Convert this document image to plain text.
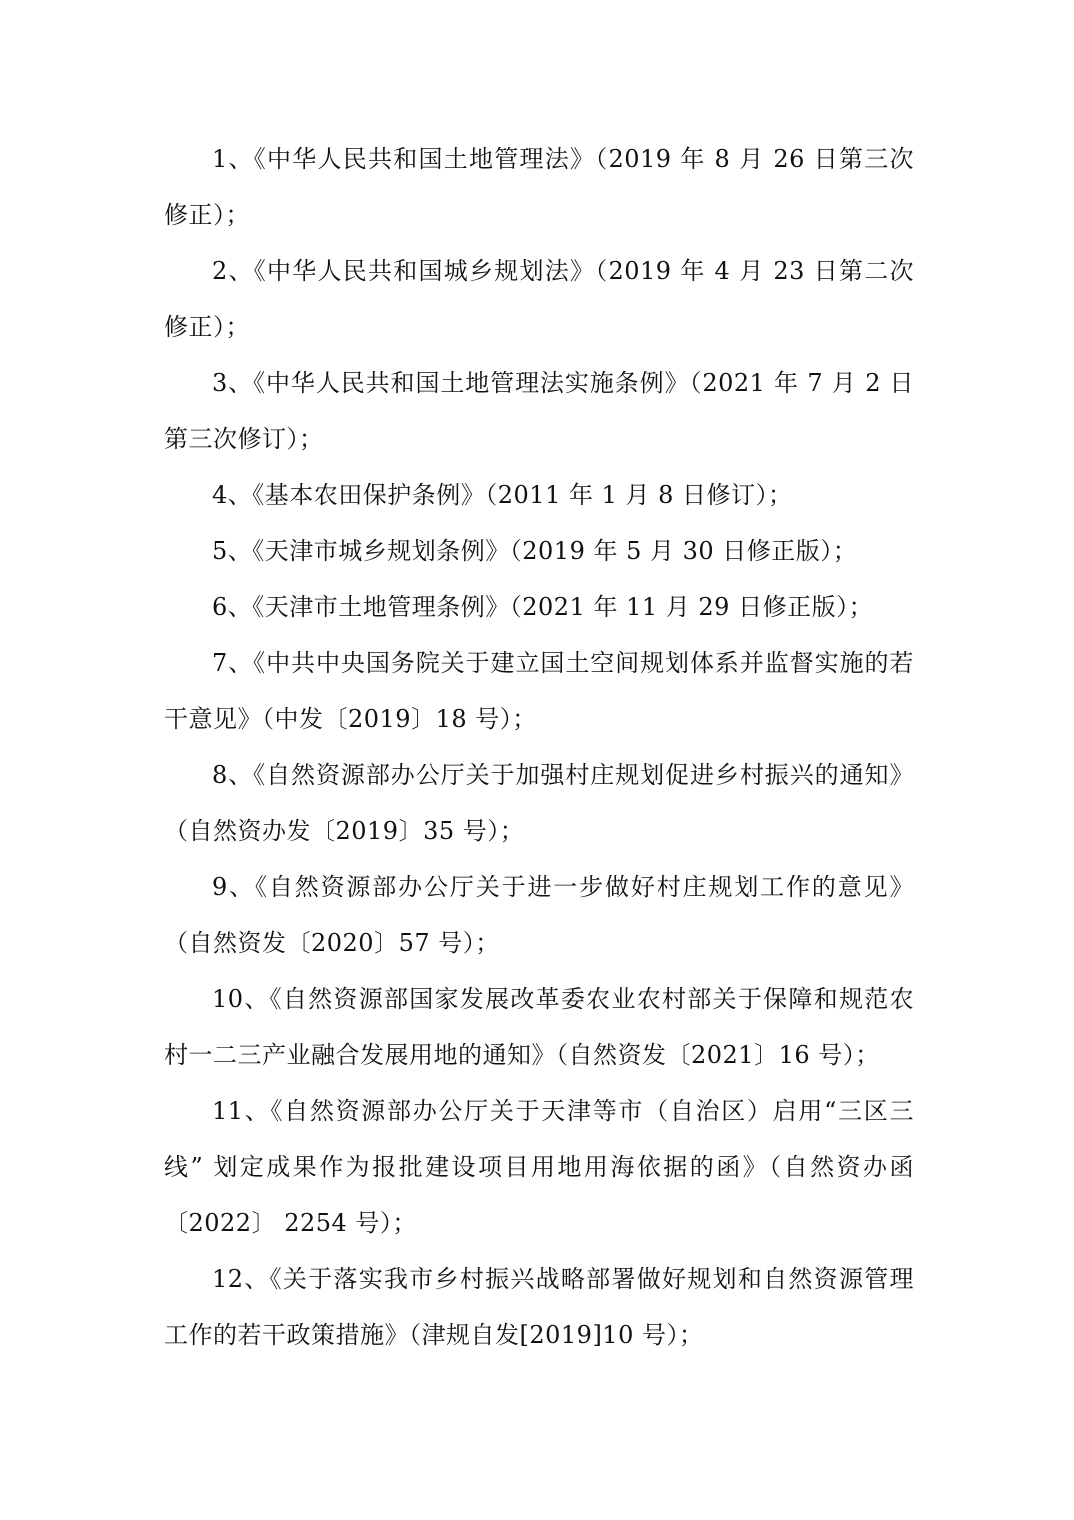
1、《中华人民共和国土地管理法》（2019 年 8 月 26 日第三次修正）；

2、《中华人民共和国城乡规划法》（2019 年 4 月 23 日第二次修正）；

3、《中华人民共和国土地管理法实施条例》（2021 年 7 月 2 日第三次修订）；

4、《基本农田保护条例》（2011 年 1 月 8 日修订）；

5、《天津市城乡规划条例》（2019 年 5 月 30 日修正版）；

6、《天津市土地管理条例》（2021 年 11 月 29 日修正版）；

7、《中共中央国务院关于建立国土空间规划体系并监督实施的若干意见》（中发〔2019〕18 号）；

8、《自然资源部办公厅关于加强村庄规划促进乡村振兴的通知》（自然资办发〔2019〕35 号）；

9、《自然资源部办公厅关于进一步做好村庄规划工作的意见》（自然资发〔2020〕57 号）；

10、《自然资源部国家发展改革委农业农村部关于保障和规范农村一二三产业融合发展用地的通知》（自然资发〔2021〕16 号）；

11、《自然资源部办公厅关于天津等市（自治区）启用“三区三线” 划定成果作为报批建设项目用地用海依据的函》（自然资办函〔2022〕 2254 号）；

12、《关于落实我市乡村振兴战略部署做好规划和自然资源管理工作的若干政策措施》（津规自发[2019]10 号）；
